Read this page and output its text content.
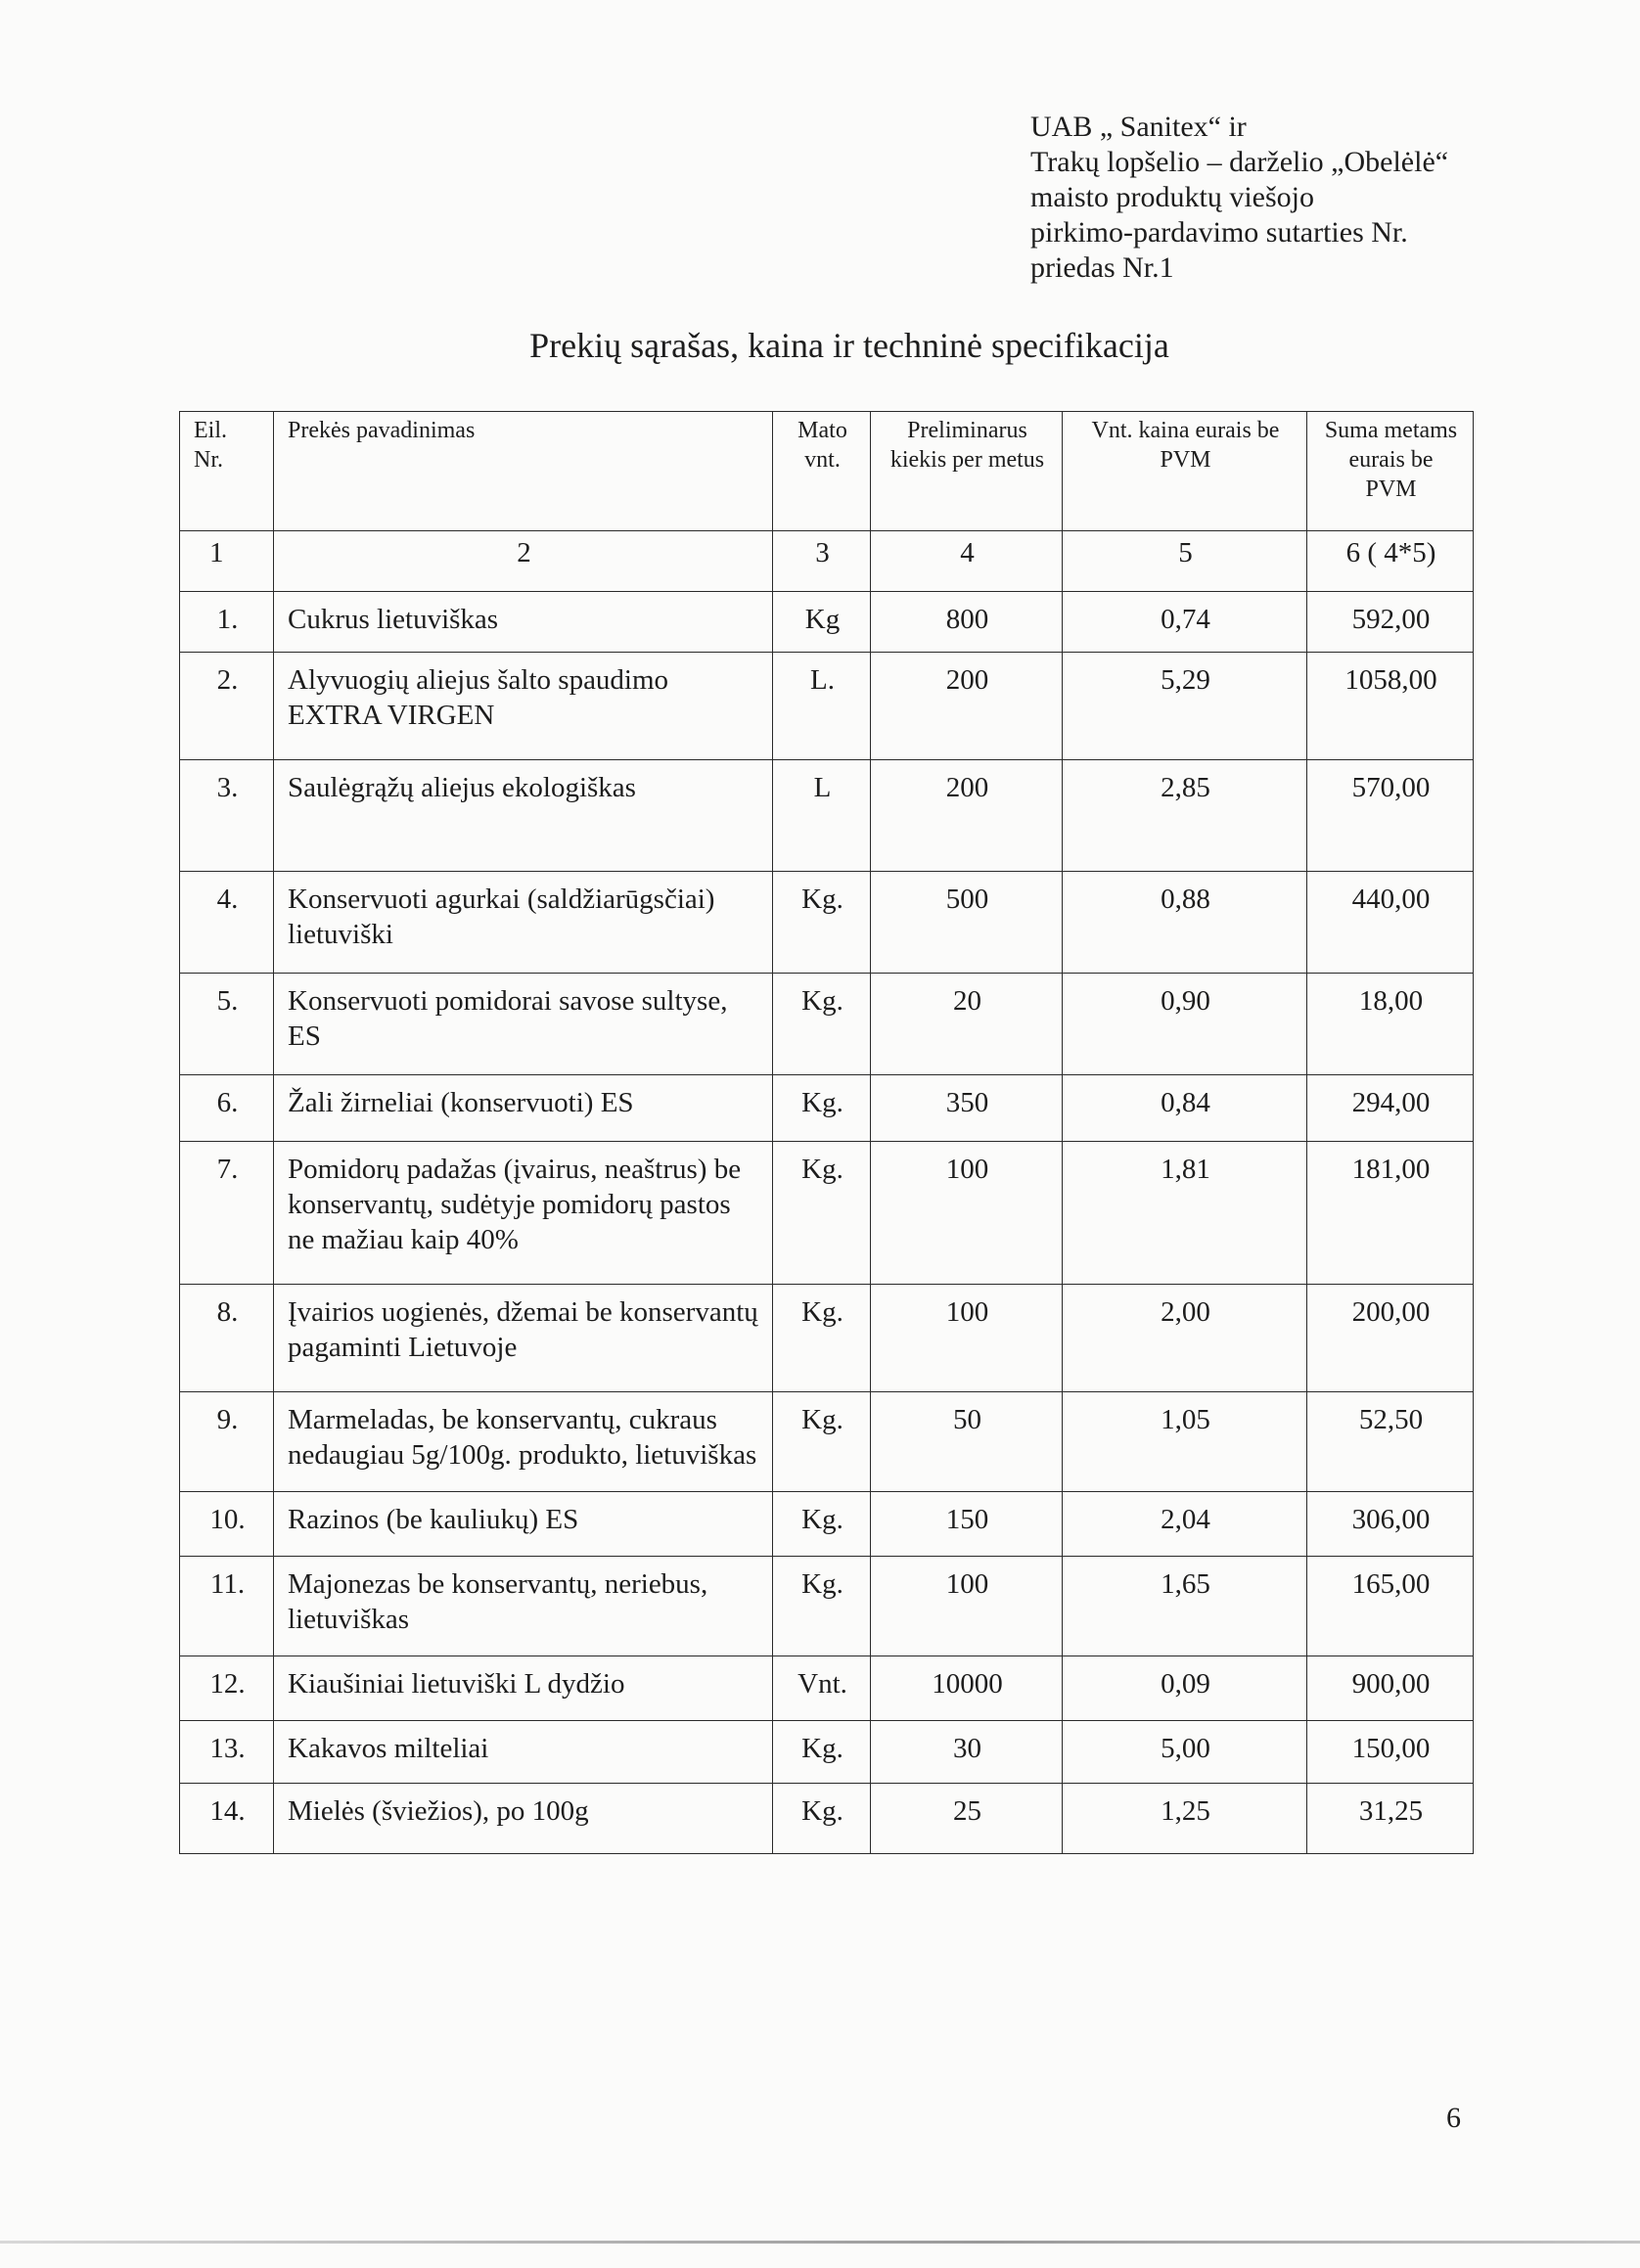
UAB „ Sanitex“ ir
Trakų lopšelio – darželio „Obelėlė“
maisto produktų viešojo
pirkimo-pardavimo sutarties Nr.
priedas Nr.1
Prekių sąrašas, kaina ir techninė specifikacija
Eil. Nr.	Prekės pavadinimas	Mato vnt.	Preliminarus kiekis per metus	Vnt. kaina eurais be PVM	Suma metams eurais be PVM
1	2	3	4	5	6 ( 4*5)
1.	Cukrus lietuviškas	Kg	800	0,74	592,00
2.	Alyvuogių aliejus šalto spaudimo EXTRA VIRGEN	L.	200	5,29	1058,00
3.	Saulėgrąžų aliejus ekologiškas	L	200	2,85	570,00
4.	Konservuoti agurkai (saldžiarūgsčiai) lietuviški	Kg.	500	0,88	440,00
5.	Konservuoti pomidorai savose sultyse, ES	Kg.	20	0,90	18,00
6.	Žali žirneliai (konservuoti) ES	Kg.	350	0,84	294,00
7.	Pomidorų padažas (įvairus, neaštrus) be konservantų, sudėtyje pomidorų pastos ne mažiau kaip 40%	Kg.	100	1,81	181,00
8.	Įvairios uogienės, džemai be konservantų pagaminti Lietuvoje	Kg.	100	2,00	200,00
9.	Marmeladas, be konservantų, cukraus nedaugiau 5g/100g. produkto, lietuviškas	Kg.	50	1,05	52,50
10.	Razinos (be kauliukų) ES	Kg.	150	2,04	306,00
11.	Majonezas be konservantų, neriebus, lietuviškas	Kg.	100	1,65	165,00
12.	Kiaušiniai lietuviški L dydžio	Vnt.	10000	0,09	900,00
13.	Kakavos milteliai	Kg.	30	5,00	150,00
14.	Mielės (šviežios), po 100g	Kg.	25	1,25	31,25
6
